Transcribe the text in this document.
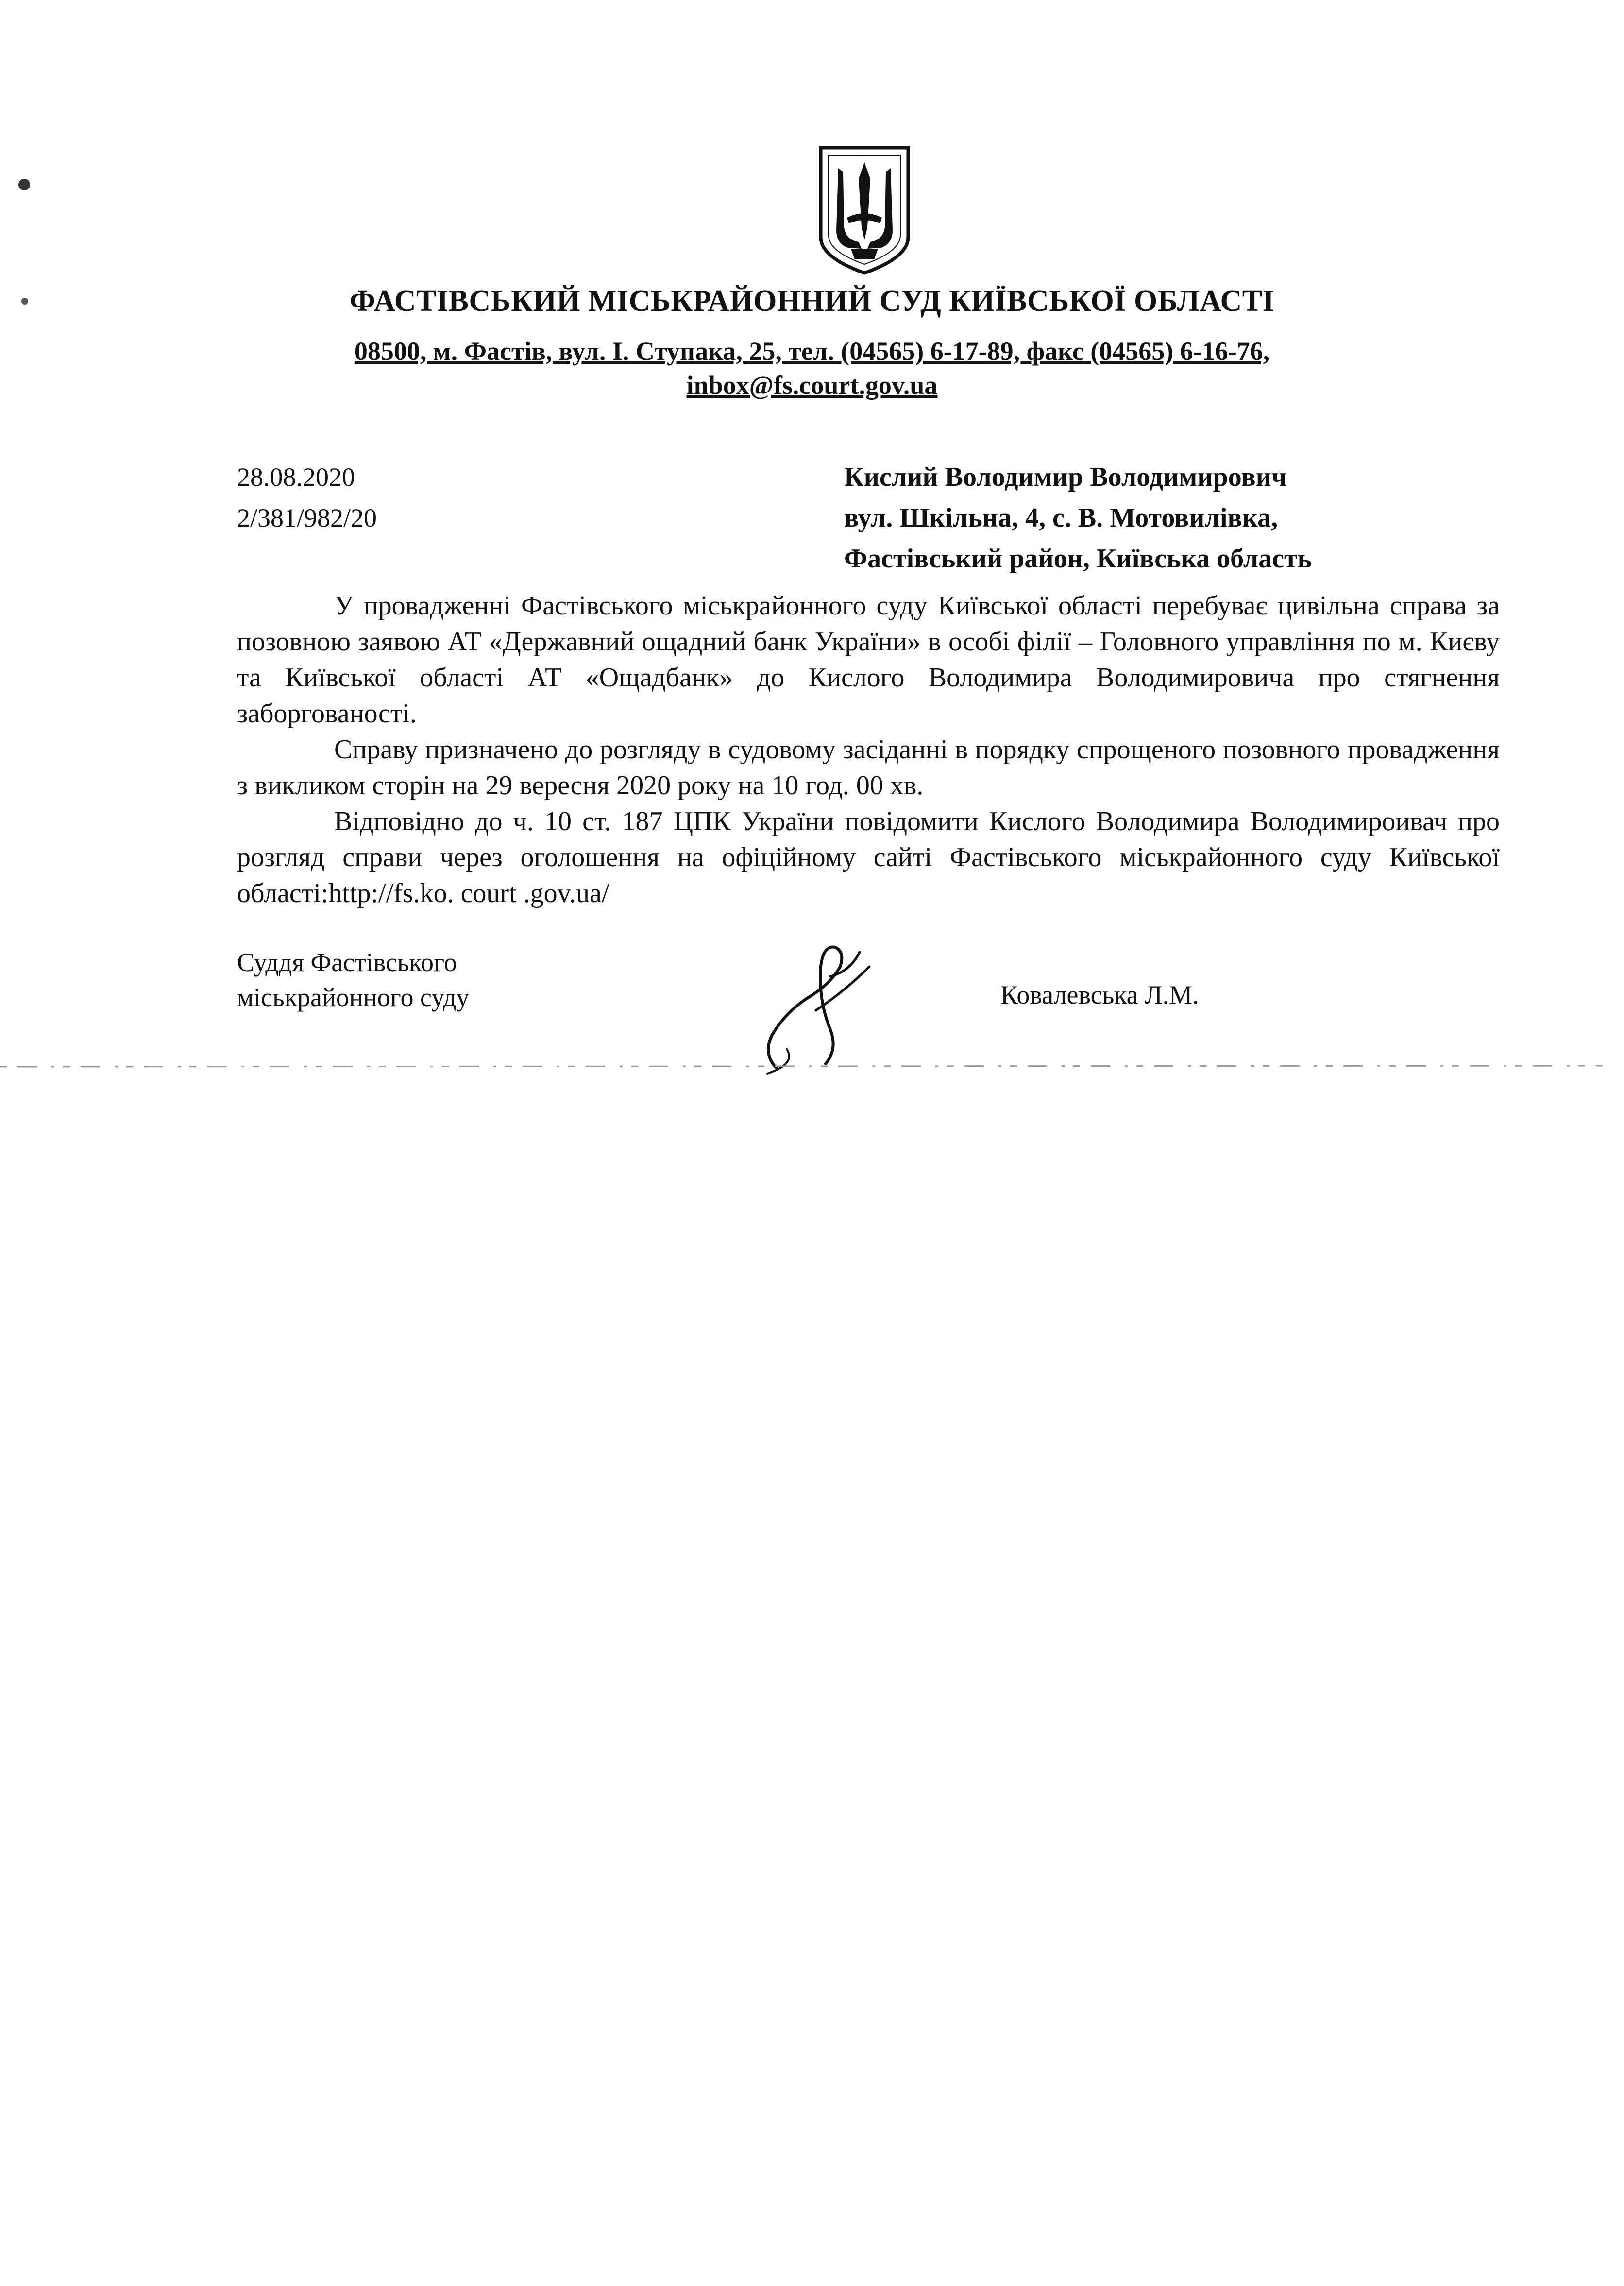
ФАСТІВСЬКИЙ МІСЬКРАЙОННИЙ СУД КИЇВСЬКОЇ ОБЛАСТІ
08500, м. Фастів, вул. І. Ступака, 25, тел. (04565) 6-17-89, факс (04565) 6-16-76,
inbox@fs.court.gov.ua
28.08.2020
2/381/982/20
Кислий Володимир Володимирович
вул. Шкільна, 4, с. В. Мотовилівка,
Фастівський район, Київська область

У провадженні Фастівського міськрайонного суду Київської області перебуває цивільна справа за позовною заявою АТ «Державний ощадний банк України» в особі філії – Головного управління по м. Києву та Київської області АТ «Ощадбанк» до Кислого Володимира Володимировича про стягнення заборгованості.

Справу призначено до розгляду в судовому засіданні в порядку спрощеного позовного провадження з викликом сторін на 29 вересня 2020 року на 10 год. 00 хв.

Відповідно до ч. 10 ст. 187 ЦПК України повідомити Кислого Володимира Володимироивач про розгляд справи через оголошення на офіційному сайті Фастівського міськрайонного суду Київської області:http://fs.ko. court .gov.ua/

Суддя Фастівського
міськрайонного суду	Ковалевська Л.М.
